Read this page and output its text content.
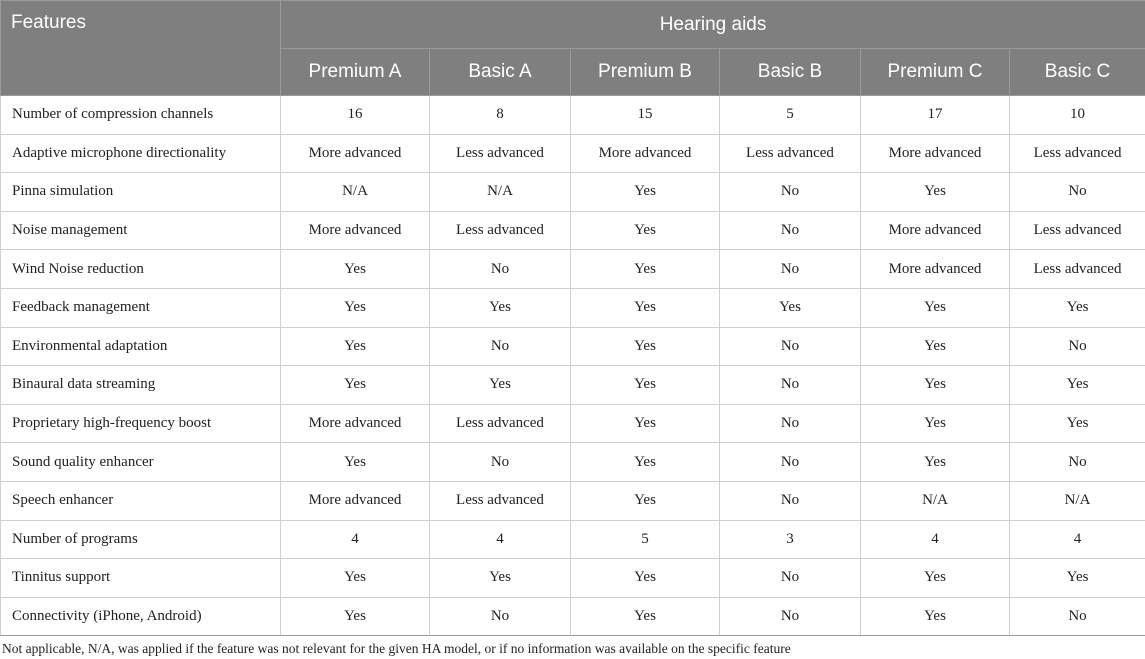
Features	Hearing aids					
	Premium A	Basic A	Premium B	Basic B	Premium C	Basic C
Number of compression channels	16	8	15	5	17	10
Adaptive microphone directionality	More advanced	Less advanced	More advanced	Less advanced	More advanced	Less advanced
Pinna simulation	N/A	N/A	Yes	No	Yes	No
Noise management	More advanced	Less advanced	Yes	No	More advanced	Less advanced
Wind Noise reduction	Yes	No	Yes	No	More advanced	Less advanced
Feedback management	Yes	Yes	Yes	Yes	Yes	Yes
Environmental adaptation	Yes	No	Yes	No	Yes	No
Binaural data streaming	Yes	Yes	Yes	No	Yes	Yes
Proprietary high-frequency boost	More advanced	Less advanced	Yes	No	Yes	Yes
Sound quality enhancer	Yes	No	Yes	No	Yes	No
Speech enhancer	More advanced	Less advanced	Yes	No	N/A	N/A
Number of programs	4	4	5	3	4	4
Tinnitus support	Yes	Yes	Yes	No	Yes	Yes
Connectivity (iPhone, Android)	Yes	No	Yes	No	Yes	No
Not applicable, N/A, was applied if the feature was not relevant for the given HA model, or if no information was available on the specific feature
